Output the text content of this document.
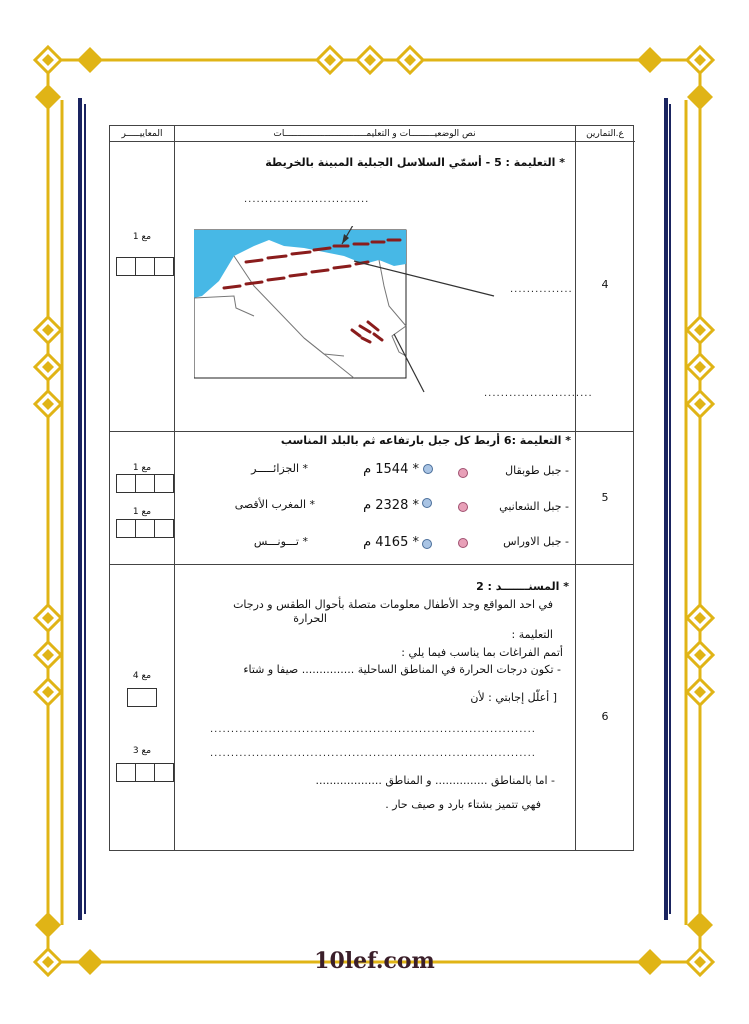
المعاييـــــر	نص الوضعيـــــــــات و التعليمـــــــــــــــــــــــــــــــات	ع.التمارين
4
مع 1
* التعليمة : 5 - أسمّي السلاسل الجبلية المبينة بالخريطة
..............................
...............
..........................
5
مع 1
مع 1
* التعليمة :6 أربط كل جبل بارتفاعه ثم بالبلد المناسب
- جبل طوبقال
* 1544 م
* الجزائـــــر
- جبل الشعانبي
* 2328 م
* المغرب الأقصى
- جبل الاوراس
* 4165 م
* تـــونـــس
6
مع 4
مع 3
* المسنـــــــد : 2
في احد المواقع وجد الأطفال معلومات متصلة بأحوال الطقس و درجات
الحرارة
التعليمة :
أتمم الفراغات بما يناسب فيما يلي :
- تكون درجات الحرارة في المناطق الساحلية ............... صيفا و شتاء
[ أعلّل إجابتي : لأن
..............................................................................
..............................................................................
- اما بالمناطق ............... و المناطق ...................
فهي تتميز بشتاء بارد و صيف حار .
10lef.com
